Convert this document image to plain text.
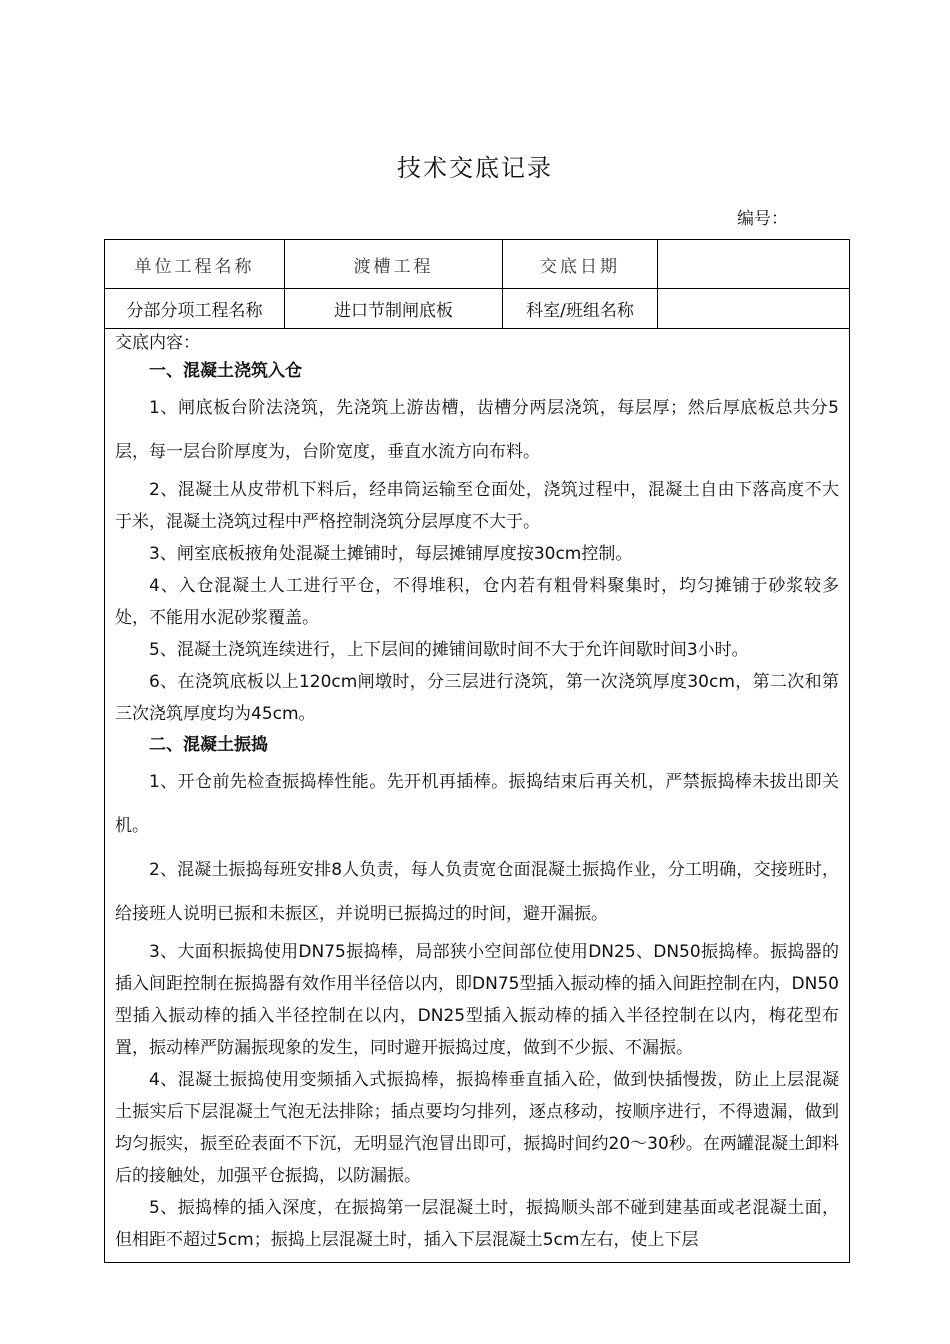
技术交底记录
编号：
单位工程名称	渡槽工程	交底日期
分部分项工程名称	进口节制闸底板	科室/班组名称
交底内容：
一、混凝土浇筑入仓
1、闸底板台阶法浇筑，先浇筑上游齿槽，齿槽分两层浇筑，每层厚；然后厚底板总共分5层，每一层台阶厚度为，台阶宽度，垂直水流方向布料。
2、混凝土从皮带机下料后，经串筒运输至仓面处，浇筑过程中，混凝土自由下落高度不大于米，混凝土浇筑过程中严格控制浇筑分层厚度不大于。
3、闸室底板掖角处混凝土摊铺时，每层摊铺厚度按30cm控制。
4、入仓混凝土人工进行平仓，不得堆积，仓内若有粗骨料聚集时，均匀摊铺于砂浆较多处，不能用水泥砂浆覆盖。
5、混凝土浇筑连续进行，上下层间的摊铺间歇时间不大于允许间歇时间3小时。
6、在浇筑底板以上120cm闸墩时，分三层进行浇筑，第一次浇筑厚度30cm，第二次和第三次浇筑厚度均为45cm。
二、混凝土振捣
1、开仓前先检查振捣棒性能。先开机再插棒。振捣结束后再关机，严禁振捣棒未拔出即关机。
2、混凝土振捣每班安排8人负责，每人负责宽仓面混凝土振捣作业，分工明确，交接班时，给接班人说明已振和未振区，并说明已振捣过的时间，避开漏振。
3、大面积振捣使用DN75振捣棒，局部狭小空间部位使用DN25、DN50振捣棒。振捣器的插入间距控制在振捣器有效作用半径倍以内，即DN75型插入振动棒的插入间距控制在内，DN50型插入振动棒的插入半径控制在以内，DN25型插入振动棒的插入半径控制在以内，梅花型布置，振动棒严防漏振现象的发生，同时避开振捣过度，做到不少振、不漏振。
4、混凝土振捣使用变频插入式振捣棒，振捣棒垂直插入砼，做到快插慢拨，防止上层混凝土振实后下层混凝土气泡无法排除；插点要均匀排列，逐点移动，按顺序进行，不得遗漏，做到均匀振实，振至砼表面不下沉，无明显汽泡冒出即可，振捣时间约20～30秒。在两罐混凝土卸料后的接触处，加强平仓振捣，以防漏振。
5、振捣棒的插入深度，在振捣第一层混凝土时，振捣顺头部不碰到建基面或老混凝土面，但相距不超过5cm；振捣上层混凝土时，插入下层混凝土5cm左右，使上下层
